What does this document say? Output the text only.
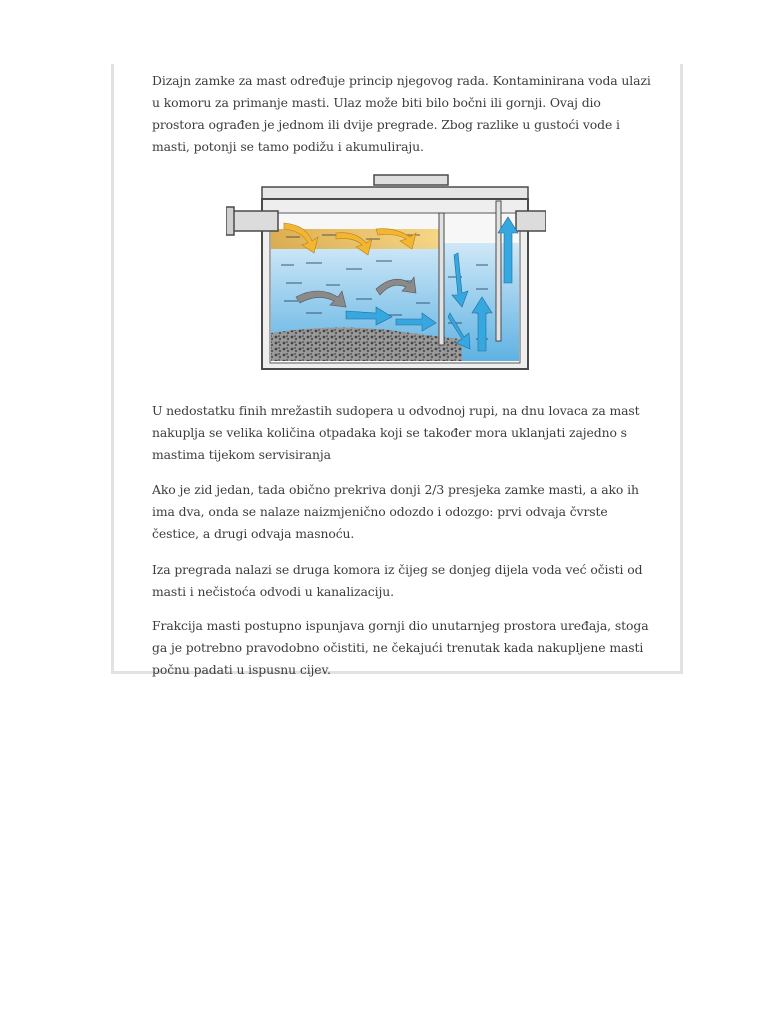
Dizajn zamke za mast određuje princip njegovog rada. Kontaminirana voda ulazi u komoru za primanje masti. Ulaz može biti bilo bočni ili gornji. Ovaj dio prostora ograđen je jednom ili dvije pregrade. Zbog razlike u gustoći vode i masti, potonji se tamo podižu i akumuliraju.

U nedostatku finih mrežastih sudopera u odvodnoj rupi, na dnu lovaca za mast nakuplja se velika količina otpadaka koji se također mora uklanjati zajedno s mastima tijekom servisiranja

Ako je zid jedan, tada obično prekriva donji 2/3 presjeka zamke masti, a ako ih ima dva, onda se nalaze naizmjenično odozdo i odozgo: prvi odvaja čvrste čestice, a drugi odvaja masnoću.

Iza pregrada nalazi se druga komora iz čijeg se donjeg dijela voda već očisti od masti i nečistoća odvodi u kanalizaciju.

Frakcija masti postupno ispunjava gornji dio unutarnjeg prostora uređaja, stoga ga je potrebno pravodobno očistiti, ne čekajući trenutak kada nakupljene masti počnu padati u ispusnu cijev.
